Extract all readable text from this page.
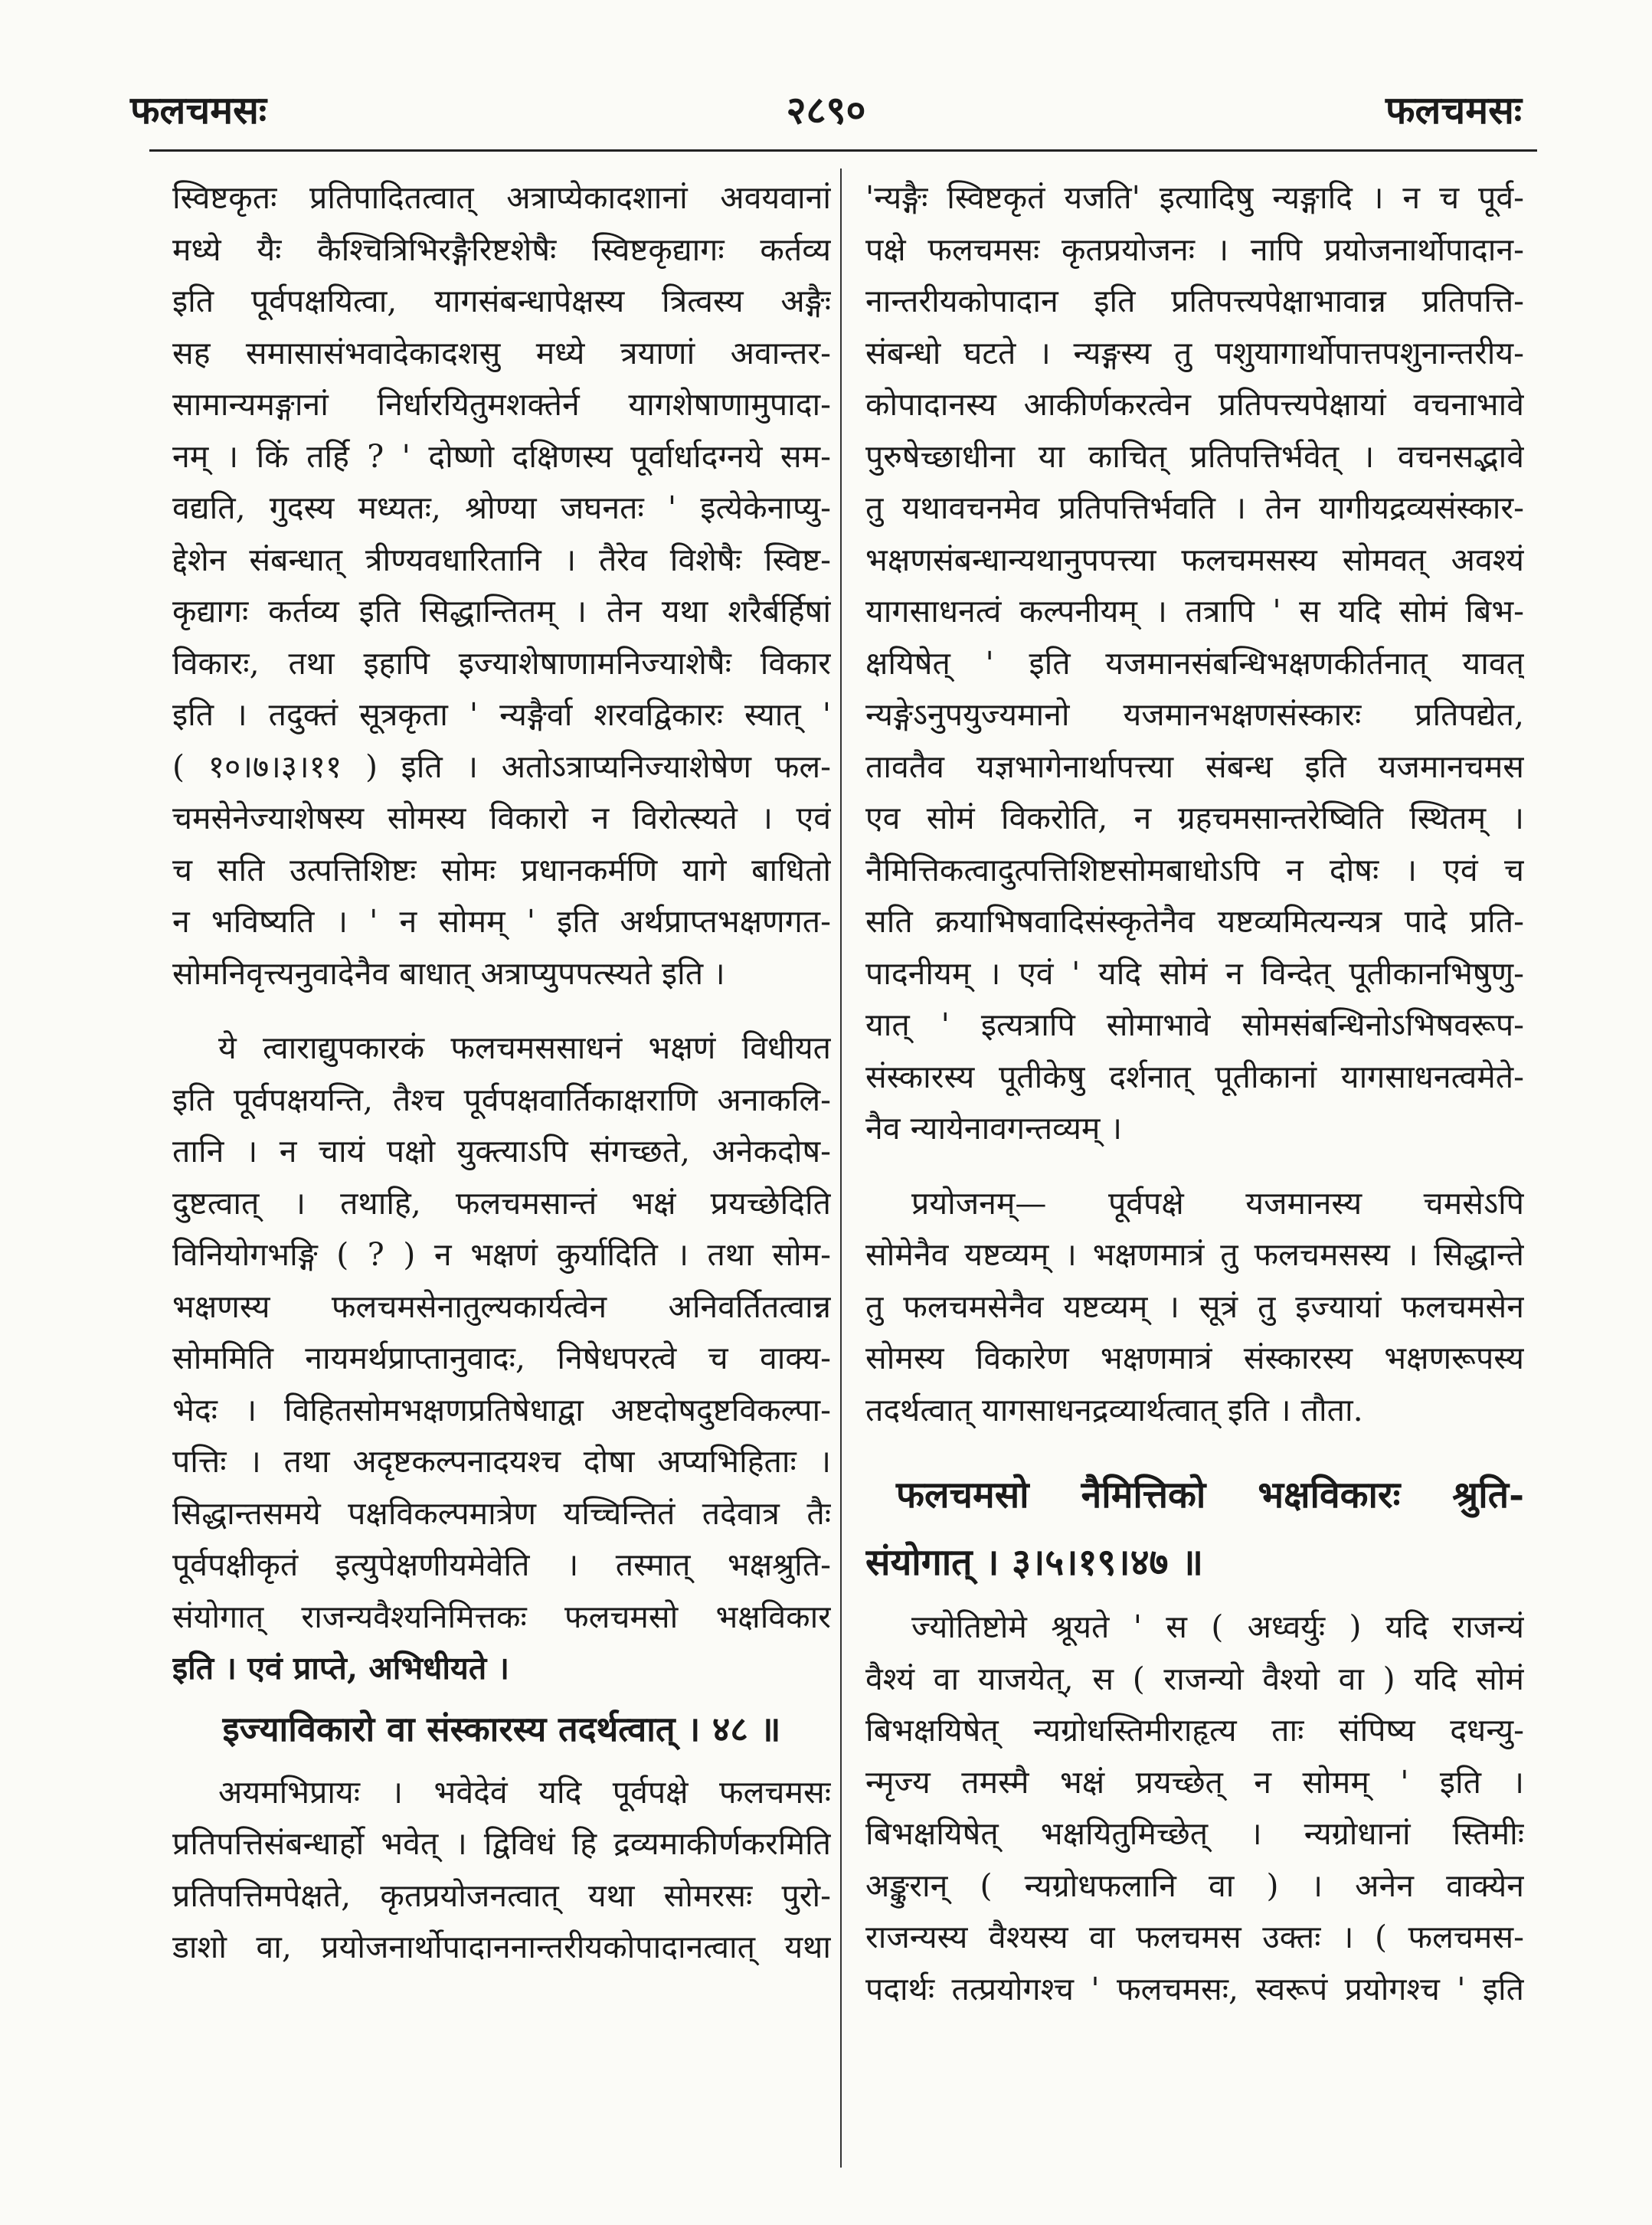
फलचमसः	२८९०	फलचमसः

स्विष्टकृतः प्रतिपादितत्वात् अत्राप्येकादशानां अवयवानां

मध्ये यैः कैश्चित्रिभिरङ्गैरिष्टशेषैः स्विष्टकृद्यागः कर्तव्य

इति पूर्वपक्षयित्वा, यागसंबन्धापेक्षस्य त्रित्वस्य अङ्गैः

सह समासासंभवादेकादशसु मध्ये त्रयाणां अवान्तर-

सामान्यमङ्गानां निर्धारयितुमशक्तेर्न यागशेषाणामुपादा-

नम् । किं तर्हि ? ' दोष्णो दक्षिणस्य पूर्वार्धादग्नये सम-

वद्यति, गुदस्य मध्यतः, श्रोण्या जघनतः ' इत्येकेनाप्यु-

द्देशेन संबन्धात् त्रीण्यवधारितानि । तैरेव विशेषैः स्विष्ट-

कृद्यागः कर्तव्य इति सिद्धान्तितम् । तेन यथा शरैर्बर्हिषां

विकारः, तथा इहापि इज्याशेषाणामनिज्याशेषैः विकार

इति । तदुक्तं सूत्रकृता ' न्यङ्गैर्वा शरवद्विकारः स्यात् '

( १०।७।३।११ ) इति । अतोऽत्राप्यनिज्याशेषेण फल-

चमसेनेज्याशेषस्य सोमस्य विकारो न विरोत्स्यते । एवं

च सति उत्पत्तिशिष्टः सोमः प्रधानकर्मणि यागे बाधितो

न भविष्यति । ' न सोमम् ' इति अर्थप्राप्तभक्षणगत-

सोमनिवृत्त्यनुवादेनैव बाधात् अत्राप्युपपत्स्यते इति ।

ये त्वाराद्युपकारकं फलचमससाधनं भक्षणं विधीयत

इति पूर्वपक्षयन्ति, तैश्च पूर्वपक्षवार्तिकाक्षराणि अनाकलि-

तानि । न चायं पक्षो युक्त्याऽपि संगच्छते, अनेकदोष-

दुष्टत्वात् । तथाहि, फलचमसान्तं भक्षं प्रयच्छेदिति

विनियोगभङ्गि ( ? ) न भक्षणं कुर्यादिति । तथा सोम-

भक्षणस्य फलचमसेनातुल्यकार्यत्वेन अनिवर्तितत्वान्न

सोममिति नायमर्थप्राप्तानुवादः, निषेधपरत्वे च वाक्य-

भेदः । विहितसोमभक्षणप्रतिषेधाद्वा अष्टदोषदुष्टविकल्पा-

पत्तिः । तथा अदृष्टकल्पनादयश्च दोषा अप्यभिहिताः ।

सिद्धान्तसमये पक्षविकल्पमात्रेण यच्चिन्तितं तदेवात्र तैः

पूर्वपक्षीकृतं इत्युपेक्षणीयमेवेति । तस्मात् भक्षश्रुति-

संयोगात् राजन्यवैश्यनिमित्तकः फलचमसो भक्षविकार

इति । एवं प्राप्ते, अभिधीयते ।

इज्याविकारो वा संस्कारस्य तदर्थत्वात् । ४८ ॥

अयमभिप्रायः । भवेदेवं यदि पूर्वपक्षे फलचमसः

प्रतिपत्तिसंबन्धार्हो भवेत् । द्विविधं हि द्रव्यमाकीर्णकरमिति

प्रतिपत्तिमपेक्षते, कृतप्रयोजनत्वात् यथा सोमरसः पुरो-

डाशो वा, प्रयोजनार्थोपादाननान्तरीयकोपादानत्वात् यथा

'न्यङ्गैः स्विष्टकृतं यजति' इत्यादिषु न्यङ्गादि । न च पूर्व-

पक्षे फलचमसः कृतप्रयोजनः । नापि प्रयोजनार्थोपादान-

नान्तरीयकोपादान इति प्रतिपत्त्यपेक्षाभावान्न प्रतिपत्ति-

संबन्धो घटते । न्यङ्गस्य तु पशुयागार्थोपात्तपशुनान्तरीय-

कोपादानस्य आकीर्णकरत्वेन प्रतिपत्त्यपेक्षायां वचनाभावे

पुरुषेच्छाधीना या काचित् प्रतिपत्तिर्भवेत् । वचनसद्भावे

तु यथावचनमेव प्रतिपत्तिर्भवति । तेन यागीयद्रव्यसंस्कार-

भक्षणसंबन्धान्यथानुपपत्त्या फलचमसस्य सोमवत् अवश्यं

यागसाधनत्वं कल्पनीयम् । तत्रापि ' स यदि सोमं बिभ-

क्षयिषेत् ' इति यजमानसंबन्धिभक्षणकीर्तनात् यावत्

न्यङ्गेऽनुपयुज्यमानो यजमानभक्षणसंस्कारः प्रतिपद्येत,

तावतैव यज्ञभागेनार्थापत्त्या संबन्ध इति यजमानचमस

एव सोमं विकरोति, न ग्रहचमसान्तरेष्विति स्थितम् ।

नैमित्तिकत्वादुत्पत्तिशिष्टसोमबाधोऽपि न दोषः । एवं च

सति क्रयाभिषवादिसंस्कृतेनैव यष्टव्यमित्यन्यत्र पादे प्रति-

पादनीयम् । एवं ' यदि सोमं न विन्देत् पूतीकानभिषुणु-

यात् ' इत्यत्रापि सोमाभावे सोमसंबन्धिनोऽभिषवरूप-

संस्कारस्य पूतीकेषु दर्शनात् पूतीकानां यागसाधनत्वमेते-

नैव न्यायेनावगन्तव्यम् ।

प्रयोजनम्— पूर्वपक्षे यजमानस्य चमसेऽपि

सोमेनैव यष्टव्यम् । भक्षणमात्रं तु फलचमसस्य । सिद्धान्ते

तु फलचमसेनैव यष्टव्यम् । सूत्रं तु इज्यायां फलचमसेन

सोमस्य विकारेण भक्षणमात्रं संस्कारस्य भक्षणरूपस्य

तदर्थत्वात् यागसाधनद्रव्यार्थत्वात् इति । तौता.

फलचमसो नैमित्तिको भक्षविकारः श्रुति-

संयोगात् । ३।५।१९।४७ ॥

ज्योतिष्टोमे श्रूयते ' स ( अध्वर्युः ) यदि राजन्यं

वैश्यं वा याजयेत्, स ( राजन्यो वैश्यो वा ) यदि सोमं

बिभक्षयिषेत् न्यग्रोधस्तिमीराहृत्य ताः संपिष्य दधन्यु-

न्मृज्य तमस्मै भक्षं प्रयच्छेत् न सोमम् ' इति ।

बिभक्षयिषेत् भक्षयितुमिच्छेत् । न्यग्रोधानां स्तिमीः

अङ्कुरान् ( न्यग्रोधफलानि वा ) । अनेन वाक्येन

राजन्यस्य वैश्यस्य वा फलचमस उक्तः । ( फलचमस-

पदार्थः तत्प्रयोगश्च ' फलचमसः, स्वरूपं प्रयोगश्च ' इति
